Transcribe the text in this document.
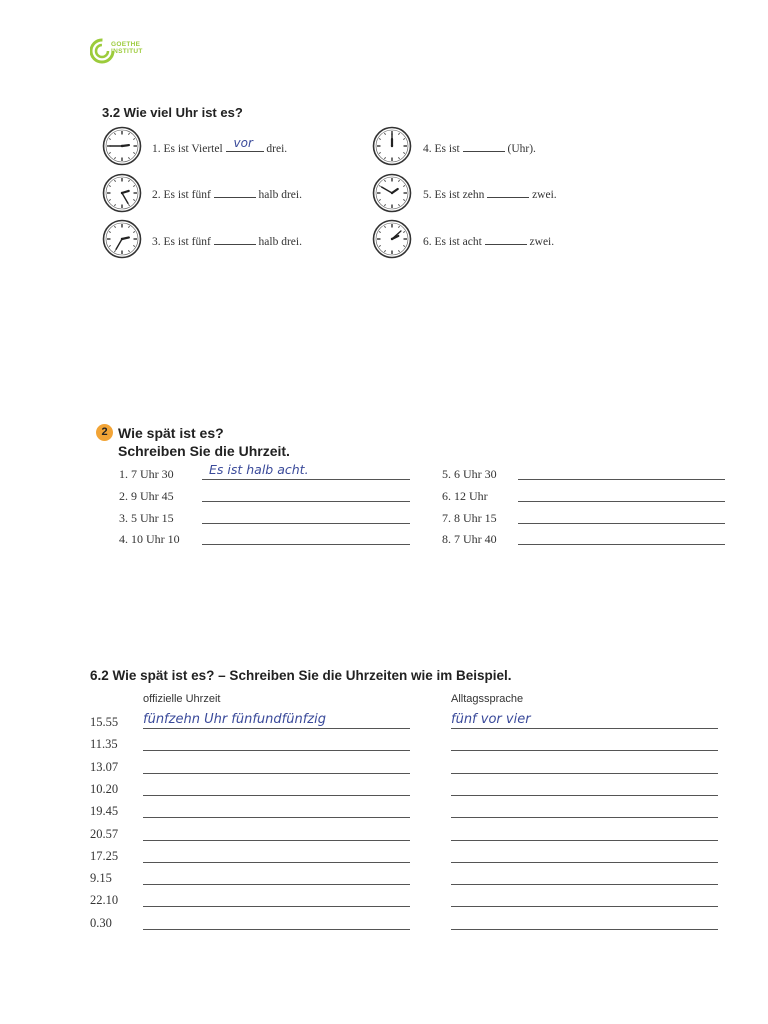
GOETHE
INSTITUT
3.2 Wie viel Uhr ist es?
1. Es ist Viertel vor drei.
2. Es ist fünf	halb drei.
3. Es ist fünf	halb drei.
4. Es ist	(Uhr).
5. Es ist zehn	zwei.
6. Es ist acht	zwei.
2 Wie spät ist es?
Schreiben Sie die Uhrzeit.
1. 7 Uhr 30	Es ist halb acht.
2. 9 Uhr 45
3. 5 Uhr 15
4. 10 Uhr 10
5. 6 Uhr 30
6. 12 Uhr
7. 8 Uhr 15
8. 7 Uhr 40
6.2 Wie spät ist es? – Schreiben Sie die Uhrzeiten wie im Beispiel.
offizielle Uhrzeit	Alltagssprache
15.55 fünfzehn Uhr fünfundfünfzig	fünf vor vier
11.35
13.07
10.20
19.45
20.57
17.25
9.15
22.10
0.30
